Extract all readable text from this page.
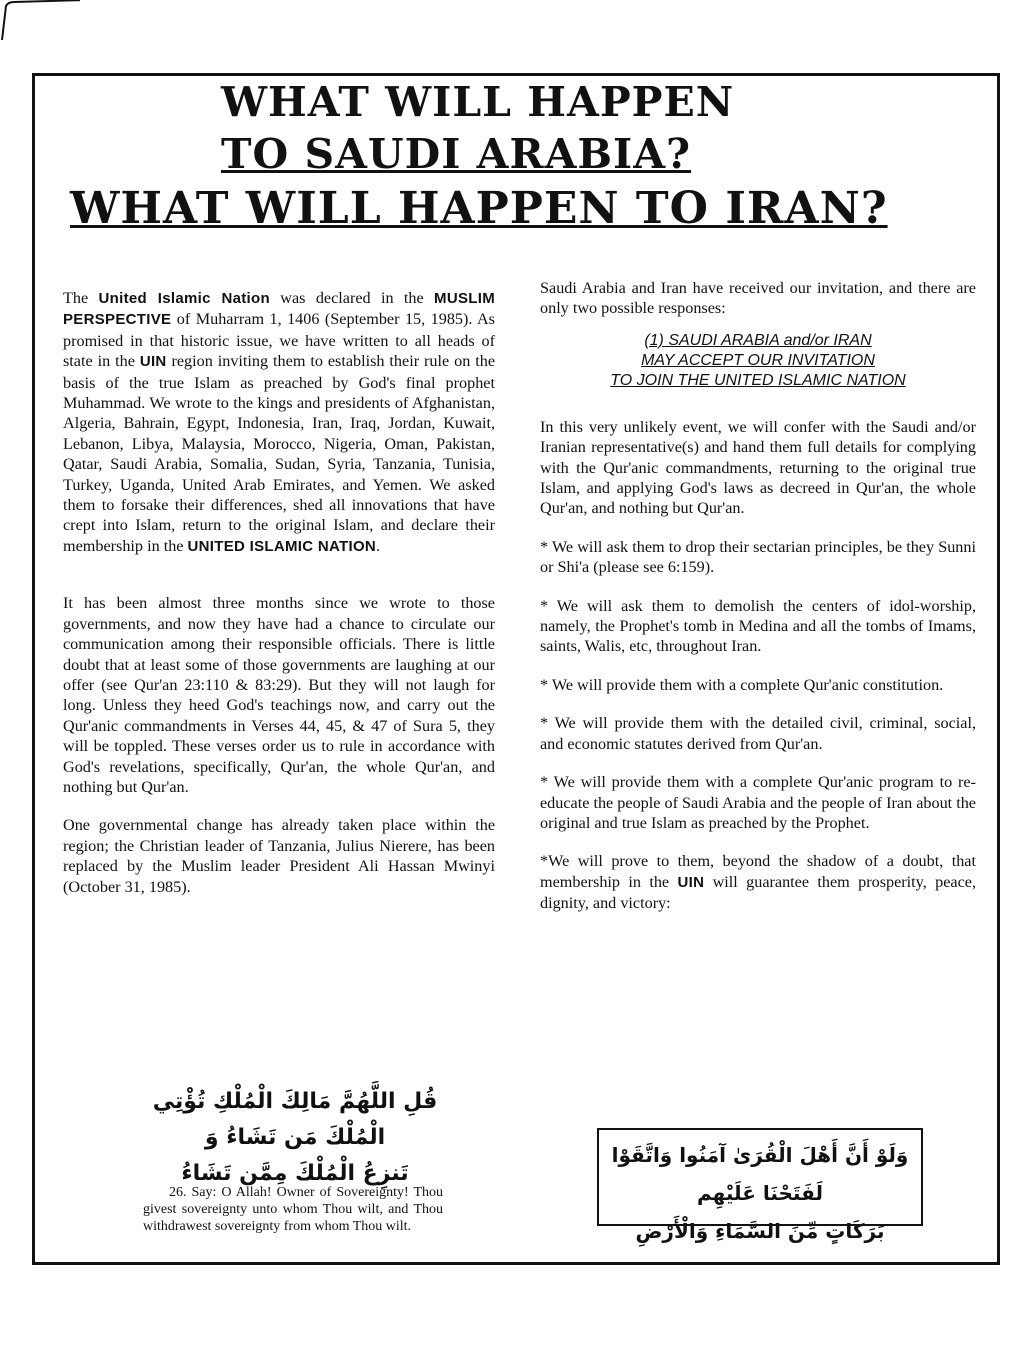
WHAT WILL HAPPEN
TO SAUDI ARABIA?
WHAT WILL HAPPEN TO IRAN?

The United Islamic Nation was declared in the MUSLIM PERSPECTIVE of Muharram 1, 1406 (September 15, 1985). As promised in that historic issue, we have written to all heads of state in the UIN region inviting them to establish their rule on the basis of the true Islam as preached by God's final prophet Muhammad. We wrote to the kings and presidents of Afghanistan, Algeria, Bahrain, Egypt, Indonesia, Iran, Iraq, Jordan, Kuwait, Lebanon, Libya, Malaysia, Morocco, Nigeria, Oman, Pakistan, Qatar, Saudi Arabia, Somalia, Sudan, Syria, Tanzania, Tunisia, Turkey, Uganda, United Arab Emirates, and Yemen. We asked them to forsake their differences, shed all innovations that have crept into Islam, return to the original Islam, and declare their membership in the UNITED ISLAMIC NATION.

It has been almost three months since we wrote to those governments, and now they have had a chance to circulate our communication among their responsible officials. There is little doubt that at least some of those governments are laughing at our offer (see Qur'an 23:110 & 83:29). But they will not laugh for long. Unless they heed God's teachings now, and carry out the Qur'anic commandments in Verses 44, 45, & 47 of Sura 5, they will be toppled. These verses order us to rule in accordance with God's revelations, specifically, Qur'an, the whole Qur'an, and nothing but Qur'an.

One governmental change has already taken place within the region; the Christian leader of Tanzania, Julius Nierere, has been replaced by the Muslim leader President Ali Hassan Mwinyi (October 31, 1985).

قُلِ اللَّهُمَّ مَالِكَ الْمُلْكِ تُؤْتِي الْمُلْكَ مَن تَشَاءُ وَ
تَنزِعُ الْمُلْكَ مِمَّن تَشَاءُ

26. Say: O Allah! Owner of Sovereignty! Thou givest sovereignty unto whom Thou wilt, and Thou withdrawest sovereignty from whom Thou wilt.

Saudi Arabia and Iran have received our invitation, and there are only two possible responses:

(1) SAUDI ARABIA and/or IRAN
MAY ACCEPT OUR INVITATION
TO JOIN THE UNITED ISLAMIC NATION

In this very unlikely event, we will confer with the Saudi and/or Iranian representative(s) and hand them full details for complying with the Qur'anic commandments, returning to the original true Islam, and applying God's laws as decreed in Qur'an, the whole Qur'an, and nothing but Qur'an.

* We will ask them to drop their sectarian principles, be they Sunni or Shi'a (please see 6:159).

* We will ask them to demolish the centers of idol-worship, namely, the Prophet's tomb in Medina and all the tombs of Imams, saints, Walis, etc, throughout Iran.

* We will provide them with a complete Qur'anic constitution.

* We will provide them with the detailed civil, criminal, social, and economic statutes derived from Qur'an.

* We will provide them with a complete Qur'anic program to re-educate the people of Saudi Arabia and the people of Iran about the original and true Islam as preached by the Prophet.

*We will prove to them, beyond the shadow of a doubt, that membership in the UIN will guarantee them prosperity, peace, dignity, and victory:

وَلَوْ أَنَّ أَهْلَ الْقُرَىٰ آمَنُوا وَاتَّقَوْا لَفَتَحْنَا عَلَيْهِم
بَرَكَاتٍ مِّنَ السَّمَاءِ وَالْأَرْضِ
